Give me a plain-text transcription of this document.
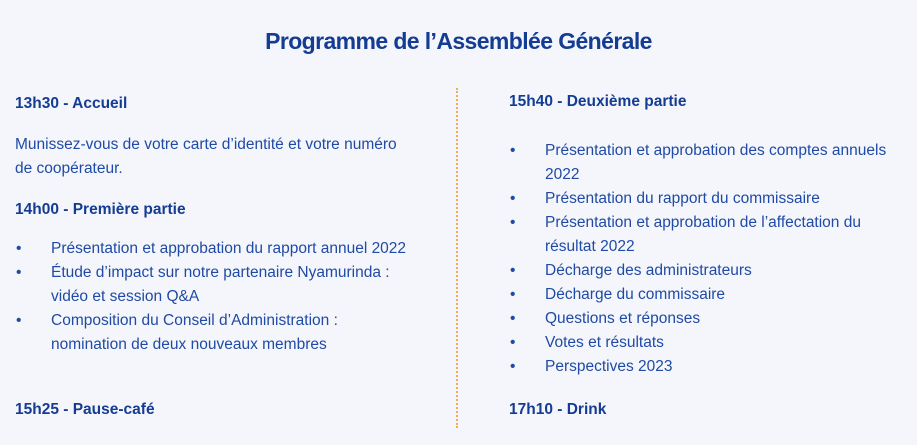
Programme de l’Assemblée Générale
13h30 - Accueil

Munissez-vous de votre carte d’identité et votre numéro de coopérateur.

14h00 - Première partie
• Présentation et approbation du rapport annuel 2022
• Étude d’impact sur notre partenaire Nyamurinda : vidéo et session Q&A
• Composition du Conseil d’Administration : nomination de deux nouveaux membres
15h25 - Pause-café
15h40 - Deuxième partie
• Présentation et approbation des comptes annuels 2022
• Présentation du rapport du commissaire
• Présentation et approbation de l’affectation du résultat 2022
• Décharge des administrateurs
• Décharge du commissaire
• Questions et réponses
• Votes et résultats
• Perspectives 2023
17h10 - Drink
